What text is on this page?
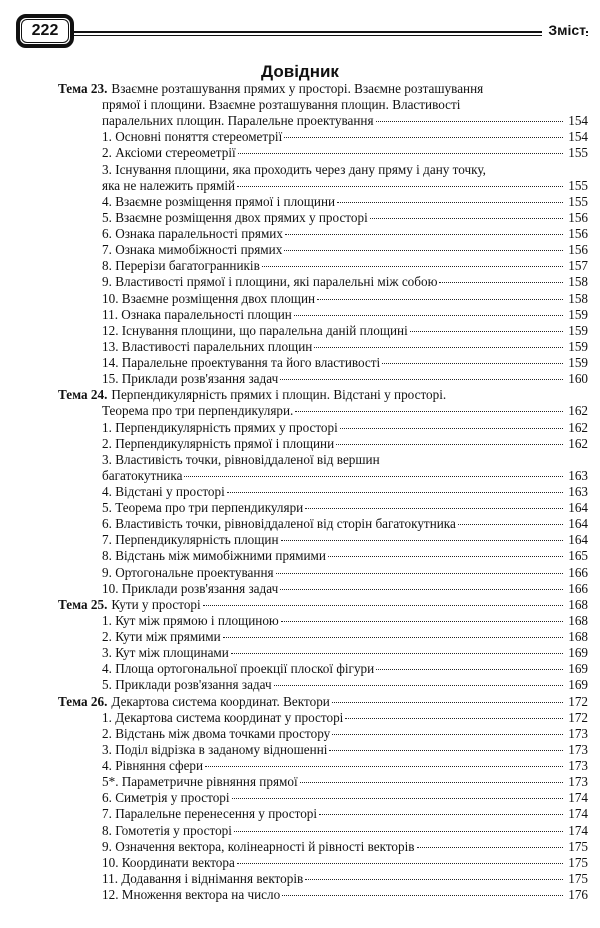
222	Зміст
Довідник
Тема 23. Взаємне розташування прямих у просторі. Взаємне розташування
прямої і площини. Взаємне розташування площин. Властивості
паралельних площин. Паралельне проектування	154
1. Основні поняття стереометрії	154
2. Аксіоми стереометрії	155
3. Існування площини, яка проходить через дану пряму і дану точку,
яка не належить прямій	155
4. Взаємне розміщення прямої і площини	155
5. Взаємне розміщення двох прямих у просторі	156
6. Ознака паралельності прямих	156
7. Ознака мимобіжності прямих	156
8. Перерізи багатогранників	157
9. Властивості прямої і площини, які паралельні між собою	158
10. Взаємне розміщення двох площин	158
11. Ознака паралельності площин	159
12. Існування площини, що паралельна даній площині	159
13. Властивості паралельних площин	159
14. Паралельне проектування та його властивості	159
15. Приклади розв'язання задач	160
Тема 24. Перпендикулярність прямих і площин. Відстані у просторі.
Теорема про три перпендикуляри.	162
1. Перпендикулярність прямих у просторі	162
2. Перпендикулярність прямої і площини	162
3. Властивість точки, рівновіддаленої від вершин
багатокутника	163
4. Відстані у просторі	163
5. Теорема про три перпендикуляри	164
6. Властивість точки, рівновіддаленої від сторін багатокутника	164
7. Перпендикулярність площин	164
8. Відстань між мимобіжними прямими	165
9. Ортогональне проектування	166
10. Приклади розв'язання задач	166
Тема 25. Кути у просторі	168
1. Кут між прямою і площиною	168
2. Кути між прямими	168
3. Кут між площинами	169
4. Площа ортогональної проекції плоскої фігури	169
5. Приклади розв'язання задач	169
Тема 26. Декартова система координат. Вектори	172
1. Декартова система координат у просторі	172
2. Відстань між двома точками простору	173
3. Поділ відрізка в заданому відношенні	173
4. Рівняння сфери	173
5*. Параметричне рівняння прямої	173
6. Симетрія у просторі	174
7. Паралельне перенесення у просторі	174
8. Гомотетія у просторі	174
9. Означення вектора, колінеарності й рівності векторів	175
10. Координати вектора	175
11. Додавання і віднімання векторів	175
12. Множення вектора на число	176
